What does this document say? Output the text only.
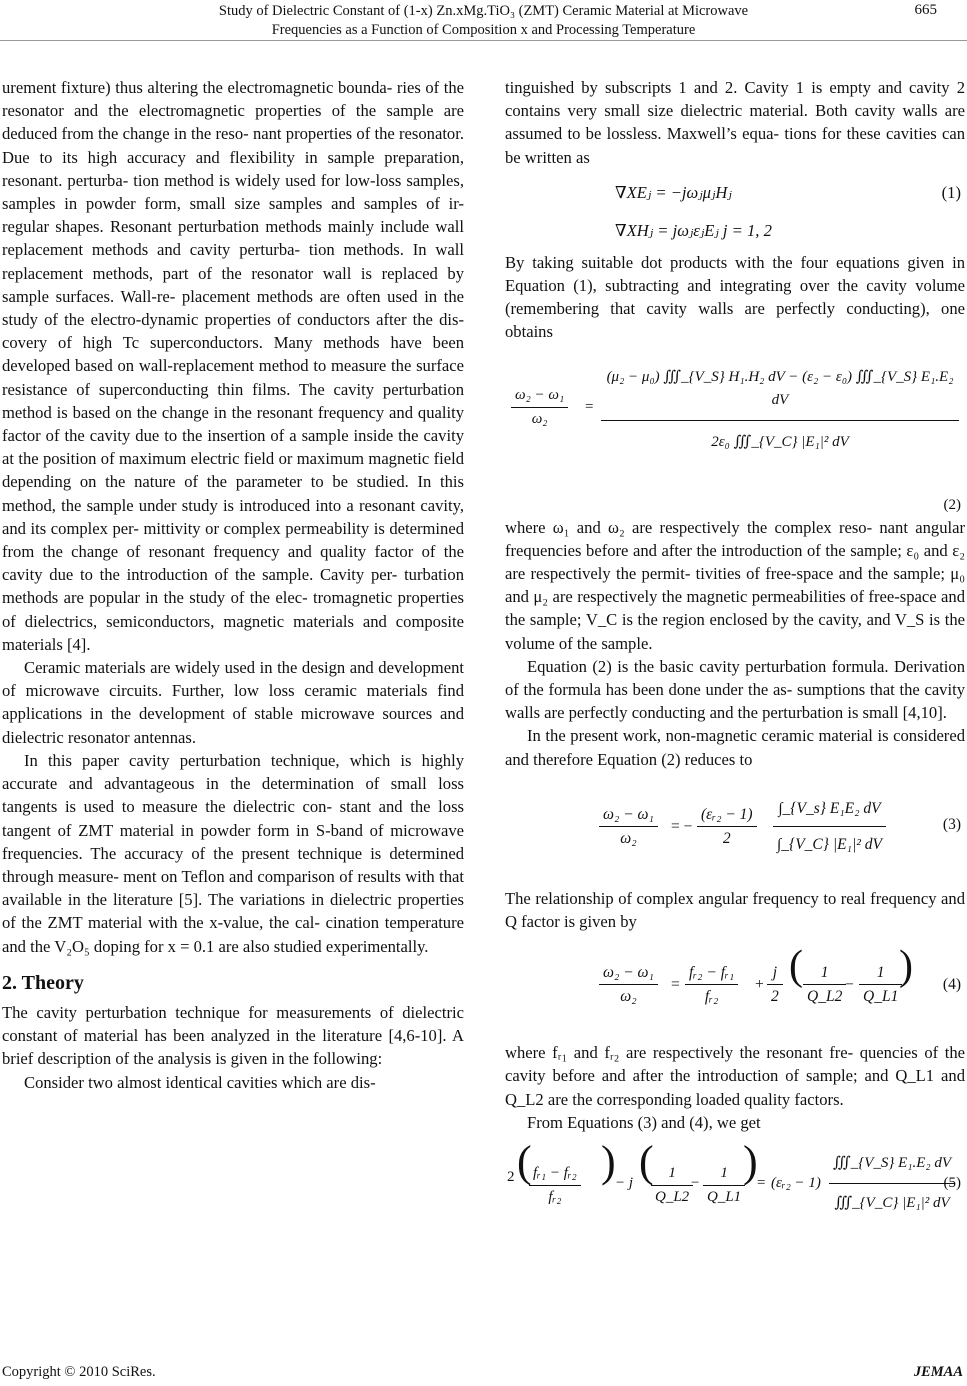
Study of Dielectric Constant of (1-x) Zn.xMg.TiO₃ (ZMT) Ceramic Material at Microwave
Frequencies as a Function of Composition x and Processing Temperature
665

urement fixture) thus altering the electromagnetic bounda- ries of the resonator and the electromagnetic properties of the sample are deduced from the change in the reso- nant properties of the resonator. Due to its high accuracy and flexibility in sample preparation, resonant. perturba- tion method is widely used for low-loss samples, samples in powder form, small size samples and samples of ir- regular shapes. Resonant perturbation methods mainly include wall replacement methods and cavity perturba- tion methods. In wall replacement methods, part of the resonator wall is replaced by sample surfaces. Wall-re- placement methods are often used in the study of the electro-dynamic properties of conductors after the dis- covery of high Tc superconductors. Many methods have been developed based on wall-replacement method to measure the surface resistance of superconducting thin films. The cavity perturbation method is based on the change in the resonant frequency and quality factor of the cavity due to the insertion of a sample inside the cavity at the position of maximum electric field or maximum magnetic field depending on the nature of the parameter to be studied. In this method, the sample under study is introduced into a resonant cavity, and its complex per- mittivity or complex permeability is determined from the change of resonant frequency and quality factor of the cavity due to the introduction of the sample. Cavity per- turbation methods are popular in the study of the elec- tromagnetic properties of dielectrics, semiconductors, magnetic materials and composite materials [4].

Ceramic materials are widely used in the design and development of microwave circuits. Further, low loss ceramic materials find applications in the development of stable microwave sources and dielectric resonator antennas.

In this paper cavity perturbation technique, which is highly accurate and advantageous in the determination of small loss tangents is used to measure the dielectric con- stant and the loss tangent of ZMT material in powder form in S-band of microwave frequencies. The accuracy of the present technique is determined through measure- ment on Teflon and comparison of results with that available in the literature [5]. The variations in dielectric properties of the ZMT material with the x-value, the cal- cination temperature and the V₂O₅ doping for x = 0.1 are also studied experimentally.

2. Theory

The cavity perturbation technique for measurements of dielectric constant of material has been analyzed in the literature [4,6-10]. A brief description of the analysis is given in the following:

Consider two almost identical cavities which are dis-

tinguished by subscripts 1 and 2. Cavity 1 is empty and cavity 2 contains very small size dielectric material. Both cavity walls are assumed to be lossless. Maxwell’s equa- tions for these cavities can be written as

∇XEⱼ = −jωⱼμⱼHⱼ	(1)
∇XHⱼ = jωⱼεⱼEⱼ j = 1, 2

By taking suitable dot products with the four equations given in Equation (1), subtracting and integrating over the cavity volume (remembering that cavity walls are perfectly conducting), one obtains

$\frac{\text{ω₂ − ω₁}}{\text{ω₂}} = \frac{\text{(μ₂ − μ₀) ∭\_\{V\_S\} H₁.H₂ dV − (ε₂ − ε₀) ∭\_\{V\_S\} E₁.E₂ dV}}{\text{2ε₀ ∭\_\{V\_C\} |E₁|² dV}}$
(2)

where ω₁ and ω₂ are respectively the complex reso- nant angular frequencies before and after the introduction of the sample; ε₀ and ε₂ are respectively the permit- tivities of free-space and the sample; μ₀ and μ₂ are respectively the magnetic permeabilities of free-space and the sample; V_C is the region enclosed by the cavity, and V_S is the volume of the sample.

Equation (2) is the basic cavity perturbation formula. Derivation of the formula has been done under the as- sumptions that the cavity walls are perfectly conducting and the perturbation is small [4,10].

In the present work, non-magnetic ceramic material is considered and therefore Equation (2) reduces to

$\frac{\text{ω₂ − ω₁}}{\text{ω₂}}$ = − $\frac{\text{(εᵣ₂ − 1)}}{2} \frac{\text{∫\_\{V\_s\} E₁E₂ dV}}{\text{∫\_\{V\_C\} |E₁|² dV}}$	(3)

The relationship of complex angular frequency to real frequency and Q factor is given by

$\frac{\text{ω₂ − ω₁}}{\text{ω₂}} = \frac{\text{fᵣ₂ − fᵣ₁}}{\text{fᵣ₂}} + \frac{j}{2}$ ( $\frac{1}{Q\_L2}$
− $\frac{1}{Q\_L1}$
) (4)

where fᵣ₁ and fᵣ₂ are respectively the resonant fre- quencies of the cavity before and after the introduction of sample; and Q_L1 and Q_L2 are the corresponding loaded quality factors.

From Equations (3) and (4), we get

2 (
$\frac{\text{fᵣ₁ − fᵣ₂}}{\text{fᵣ₂}}$ ) − j (
$\frac{1}{Q\_L2}$
− $\frac{1}{Q\_L1}$
) = (εᵣ₂ − $1) \frac{\text{∭\_\{V\_S\} E₁.E₂ dV}}{\text{∭\_\{V\_C\} |E₁|² dV}}$
(5)
Copyright © 2010 SciRes.	JEMAA
